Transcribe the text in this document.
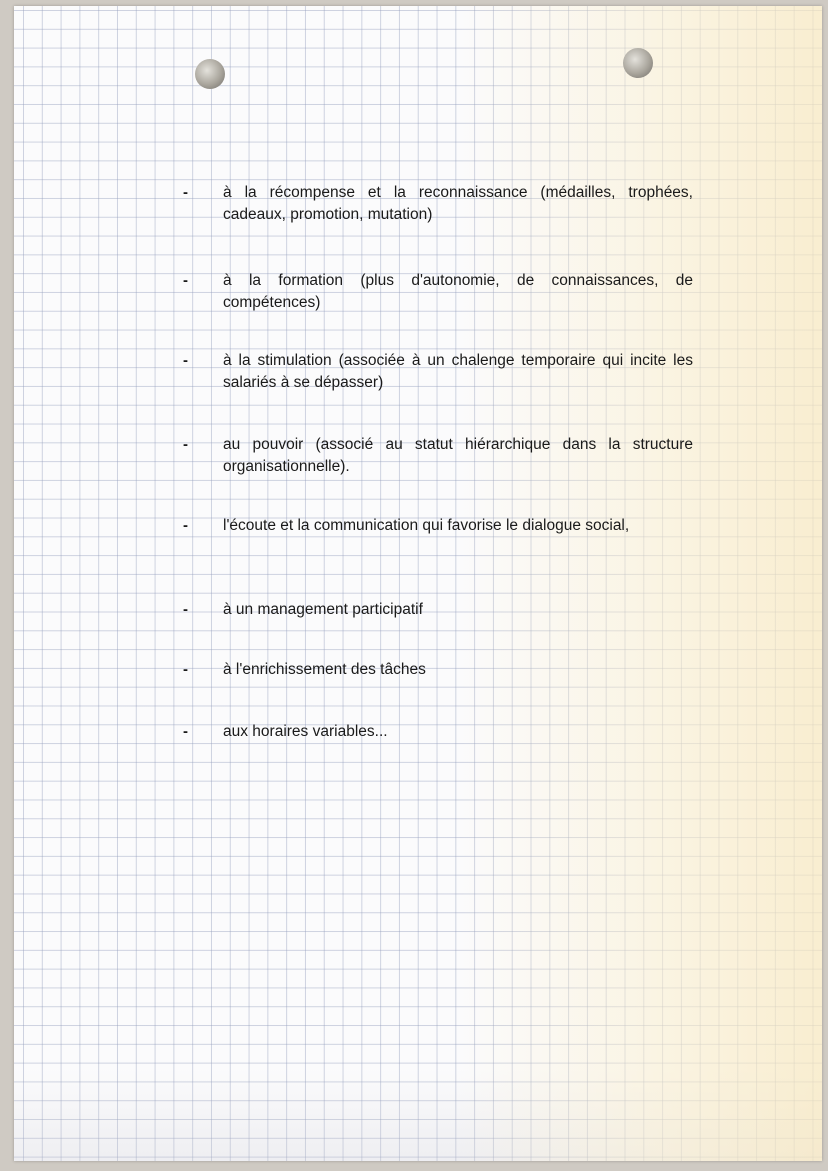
- à la récompense et la reconnaissance (médailles, trophées, cadeaux, promotion, mutation)
- à la formation (plus d'autonomie, de connaissances, de compétences)
- à la stimulation (associée à un chalenge temporaire qui incite les salariés à se dépasser)
- au pouvoir (associé au statut hiérarchique dans la structure organisationnelle).
- l'écoute et la communication qui favorise le dialogue social,
- à un management participatif
- à l'enrichissement des tâches
- aux horaires variables...
